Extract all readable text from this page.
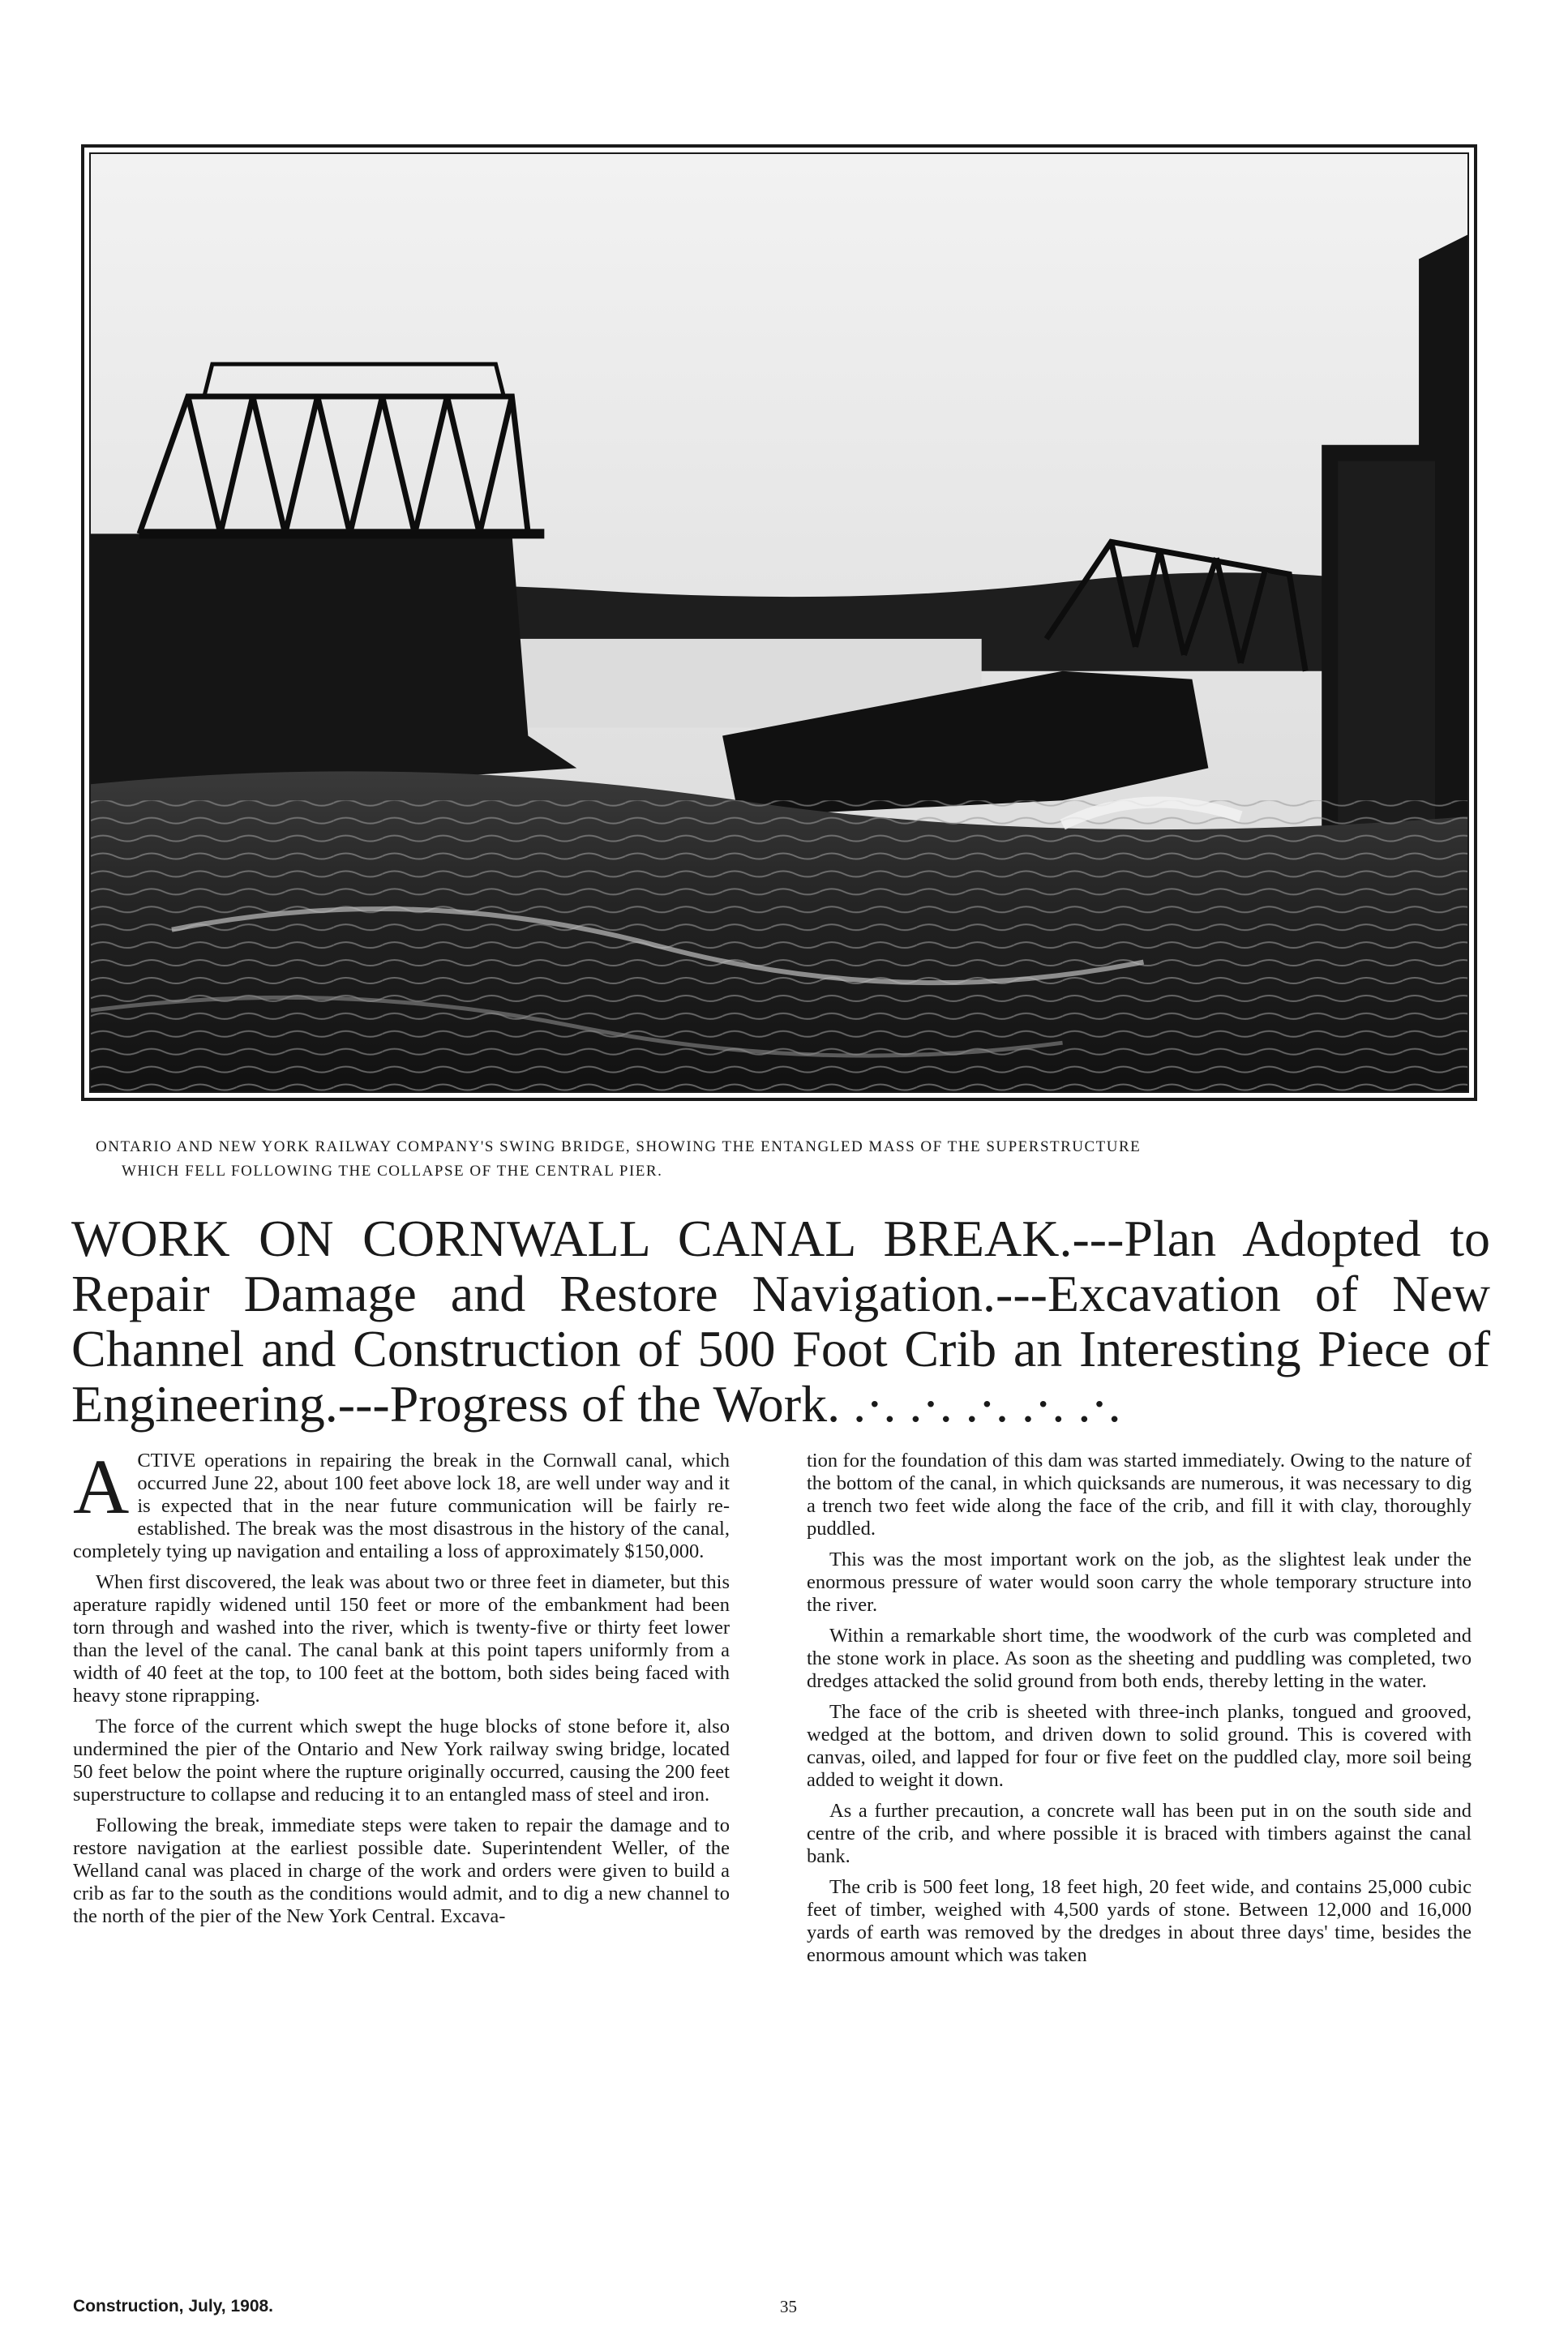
ONTARIO AND NEW YORK RAILWAY COMPANY'S SWING BRIDGE, SHOWING THE ENTANGLED MASS OF THE SUPERSTRUCTURE
WHICH FELL FOLLOWING THE COLLAPSE OF THE CENTRAL PIER.
WORK ON CORNWALL CANAL BREAK.---Plan Adopted to Repair Damage and Restore Navigation.---Excavation of New Channel and Construction of 500 Foot Crib an Interesting Piece of Engineering.---Progress of the Work. .·. .·. .·. .·. .·.

ACTIVE operations in repairing the break in the Cornwall canal, which occurred June 22, about 100 feet above lock 18, are well under way and it is expected that in the near future communication will be fairly re-established. The break was the most disastrous in the history of the canal, completely tying up navigation and entailing a loss of approximately $150,000.

When first discovered, the leak was about two or three feet in diameter, but this aperature rapidly widened until 150 feet or more of the embankment had been torn through and washed into the river, which is twenty-five or thirty feet lower than the level of the canal. The canal bank at this point tapers uniformly from a width of 40 feet at the top, to 100 feet at the bottom, both sides being faced with heavy stone riprapping.

The force of the current which swept the huge blocks of stone before it, also undermined the pier of the Ontario and New York railway swing bridge, located 50 feet below the point where the rupture originally occurred, causing the 200 feet superstructure to collapse and reducing it to an entangled mass of steel and iron.

Following the break, immediate steps were taken to repair the damage and to restore navigation at the earliest possible date. Superintendent Weller, of the Welland canal was placed in charge of the work and orders were given to build a crib as far to the south as the conditions would admit, and to dig a new channel to the north of the pier of the New York Central. Excava-

tion for the foundation of this dam was started immediately. Owing to the nature of the bottom of the canal, in which quicksands are numerous, it was necessary to dig a trench two feet wide along the face of the crib, and fill it with clay, thoroughly puddled.

This was the most important work on the job, as the slightest leak under the enormous pressure of water would soon carry the whole temporary structure into the river.

Within a remarkable short time, the woodwork of the curb was completed and the stone work in place. As soon as the sheeting and puddling was completed, two dredges attacked the solid ground from both ends, thereby letting in the water.

The face of the crib is sheeted with three-inch planks, tongued and grooved, wedged at the bottom, and driven down to solid ground. This is covered with canvas, oiled, and lapped for four or five feet on the puddled clay, more soil being added to weight it down.

As a further precaution, a concrete wall has been put in on the south side and centre of the crib, and where possible it is braced with timbers against the canal bank.

The crib is 500 feet long, 18 feet high, 20 feet wide, and contains 25,000 cubic feet of timber, weighed with 4,500 yards of stone. Between 12,000 and 16,000 yards of earth was removed by the dredges in about three days' time, besides the enormous amount which was taken

Construction, July, 1908.	35
